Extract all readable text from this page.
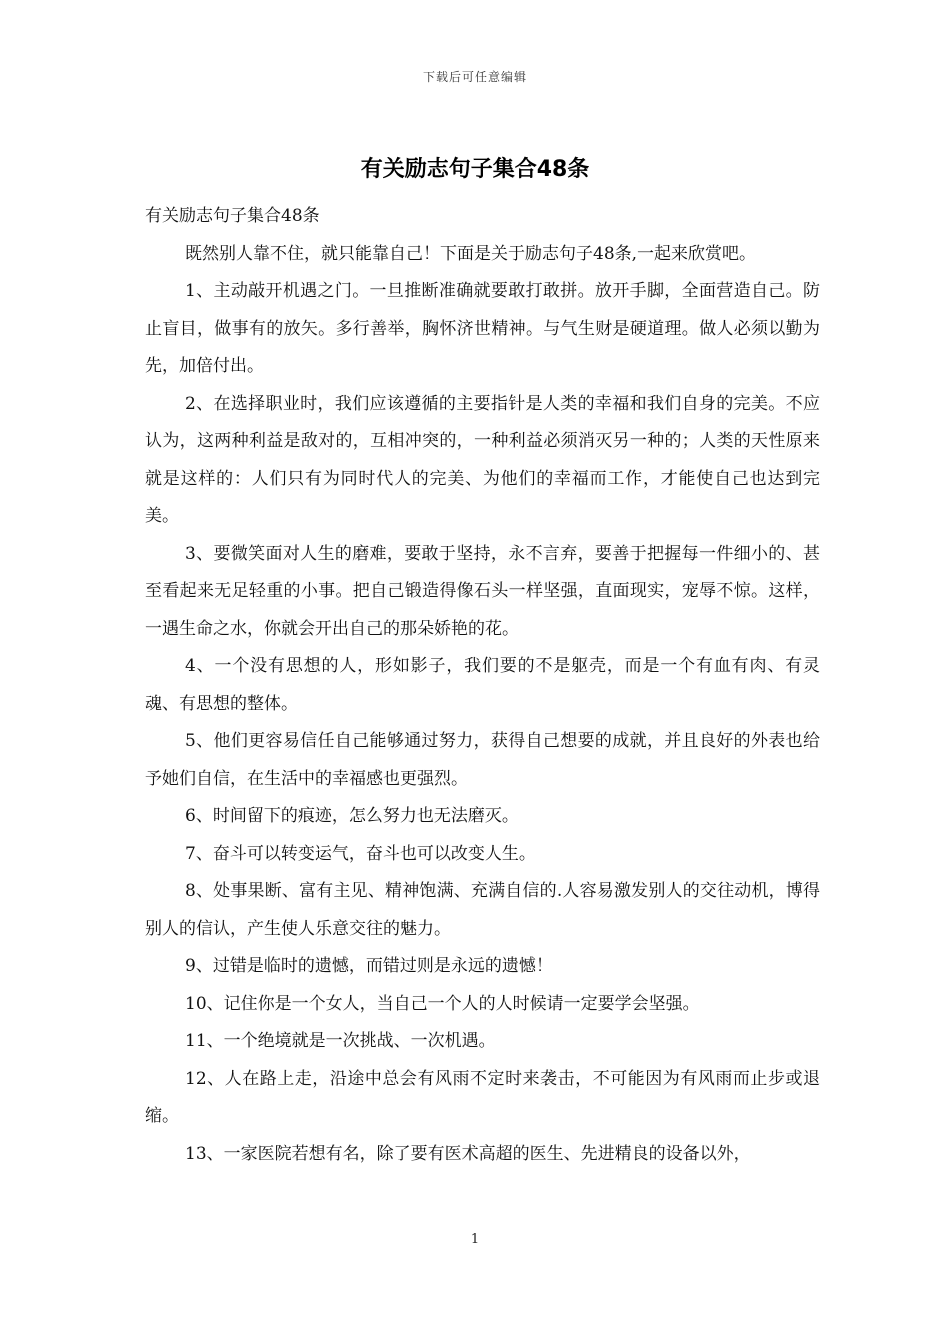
下载后可任意编辑
有关励志句子集合48条

有关励志句子集合48条

既然别人靠不住，就只能靠自己！下面是关于励志句子48条,一起来欣赏吧。

1、主动敲开机遇之门。一旦推断准确就要敢打敢拼。放开手脚，全面营造自己。防止盲目，做事有的放矢。多行善举，胸怀济世精神。与气生财是硬道理。做人必须以勤为先，加倍付出。

2、在选择职业时，我们应该遵循的主要指针是人类的幸福和我们自身的完美。不应认为，这两种利益是敌对的，互相冲突的，一种利益必须消灭另一种的；人类的天性原来就是这样的：人们只有为同时代人的完美、为他们的幸福而工作，才能使自己也达到完美。

3、要微笑面对人生的磨难，要敢于坚持，永不言弃，要善于把握每一件细小的、甚至看起来无足轻重的小事。把自己锻造得像石头一样坚强，直面现实，宠辱不惊。这样，一遇生命之水，你就会开出自己的那朵娇艳的花。

4、一个没有思想的人，形如影子，我们要的不是躯壳，而是一个有血有肉、有灵魂、有思想的整体。

5、他们更容易信任自己能够通过努力，获得自己想要的成就，并且良好的外表也给予她们自信，在生活中的幸福感也更强烈。

6、时间留下的痕迹，怎么努力也无法磨灭。

7、奋斗可以转变运气，奋斗也可以改变人生。

8、处事果断、富有主见、精神饱满、充满自信的.人容易激发别人的交往动机，博得别人的信认，产生使人乐意交往的魅力。

9、过错是临时的遗憾，而错过则是永远的遗憾！

10、记住你是一个女人，当自己一个人的人时候请一定要学会坚强。

11、一个绝境就是一次挑战、一次机遇。

12、人在路上走，沿途中总会有风雨不定时来袭击，不可能因为有风雨而止步或退缩。

13、一家医院若想有名，除了要有医术高超的医生、先进精良的设备以外，

1
